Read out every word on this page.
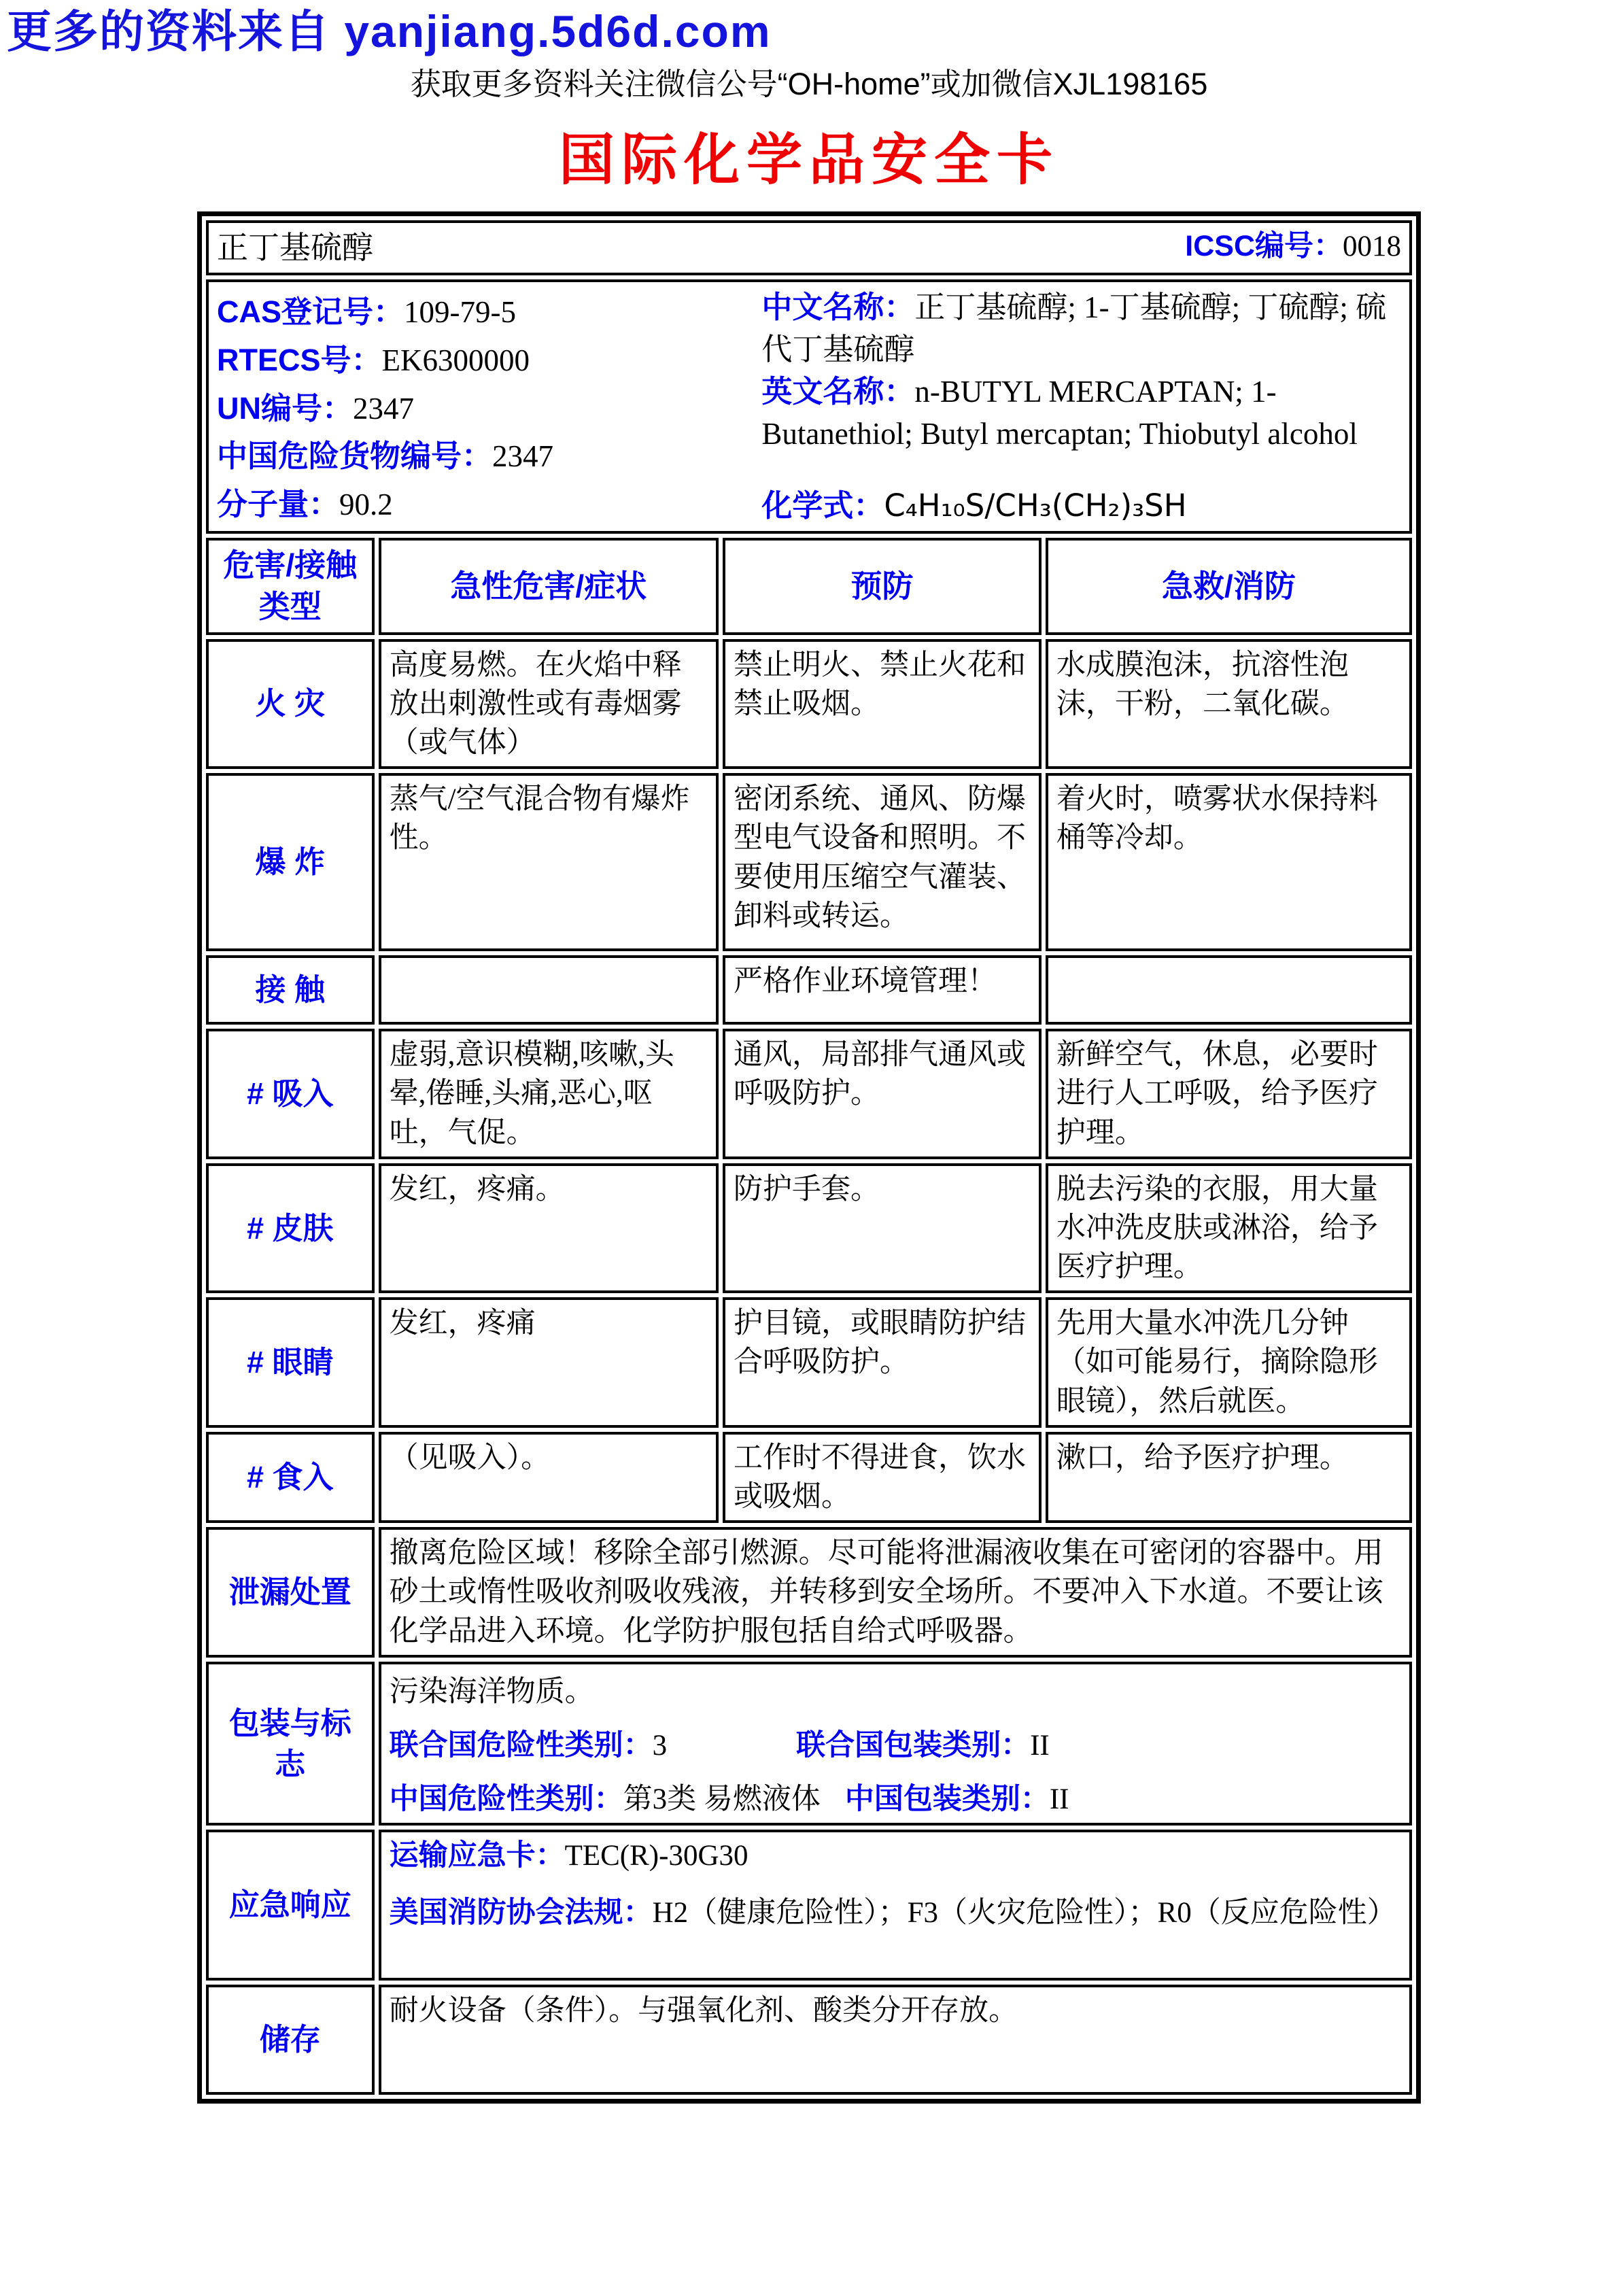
更多的资料来自 yanjiang.5d6d.com
获取更多资料关注微信公号“OH-home”或加微信XJL198165
国际化学品安全卡
正丁基硫醇 ICSC编号：0018			

CAS登记号：109-79-5
RTECS号：EK6300000
UN编号：2347
中国危险货物编号：2347
分子量：90.2
中文名称：正丁基硫醇; 1-丁基硫醇; 丁硫醇; 硫代丁基硫醇
英文名称：n-BUTYL MERCAPTAN; 1-Butanethiol; Butyl mercaptan; Thiobutyl alcohol
化学式：C₄H₁₀S/CH₃(CH₂)₃SH

危害/接触类型	急性危害/症状	预防	急救/消防
火 灾	高度易燃。在火焰中释放出刺激性或有毒烟雾（或气体）	禁止明火、禁止火花和禁止吸烟。	水成膜泡沫，抗溶性泡沫，干粉，二氧化碳。
爆 炸	蒸气/空气混合物有爆炸性。	密闭系统、通风、防爆型电气设备和照明。不要使用压缩空气灌装、卸料或转运。	着火时，喷雾状水保持料桶等冷却。
接 触		严格作业环境管理！	
# 吸入	虚弱,意识模糊,咳嗽,头晕,倦睡,头痛,恶心,呕吐，气促。	通风，局部排气通风或呼吸防护。	新鲜空气，休息，必要时进行人工呼吸，给予医疗护理。
# 皮肤	发红，疼痛。	防护手套。	脱去污染的衣服，用大量水冲洗皮肤或淋浴，给予医疗护理。
# 眼睛	发红，疼痛	护目镜，或眼睛防护结合呼吸防护。	先用大量水冲洗几分钟（如可能易行，摘除隐形眼镜），然后就医。
# 食入	（见吸入）。	工作时不得进食，饮水或吸烟。	漱口，给予医疗护理。
泄漏处置	撤离危险区域！移除全部引燃源。尽可能将泄漏液收集在可密闭的容器中。用砂土或惰性吸收剂吸收残液，并转移到安全场所。不要冲入下水道。不要让该化学品进入环境。化学防护服包括自给式呼吸器。		
包装与标志	污染海洋物质。
联合国危险性类别：3 联合国包装类别：II
中国危险性类别：第3类 易燃液体 中国包装类别：II		

应急响应	运输应急卡：TEC(R)-30G30
美国消防协会法规：H2（健康危险性）；F3（火灾危险性）；R0（反应危险性）		

储存	耐火设备（条件）。与强氧化剂、酸类分开存放。		
